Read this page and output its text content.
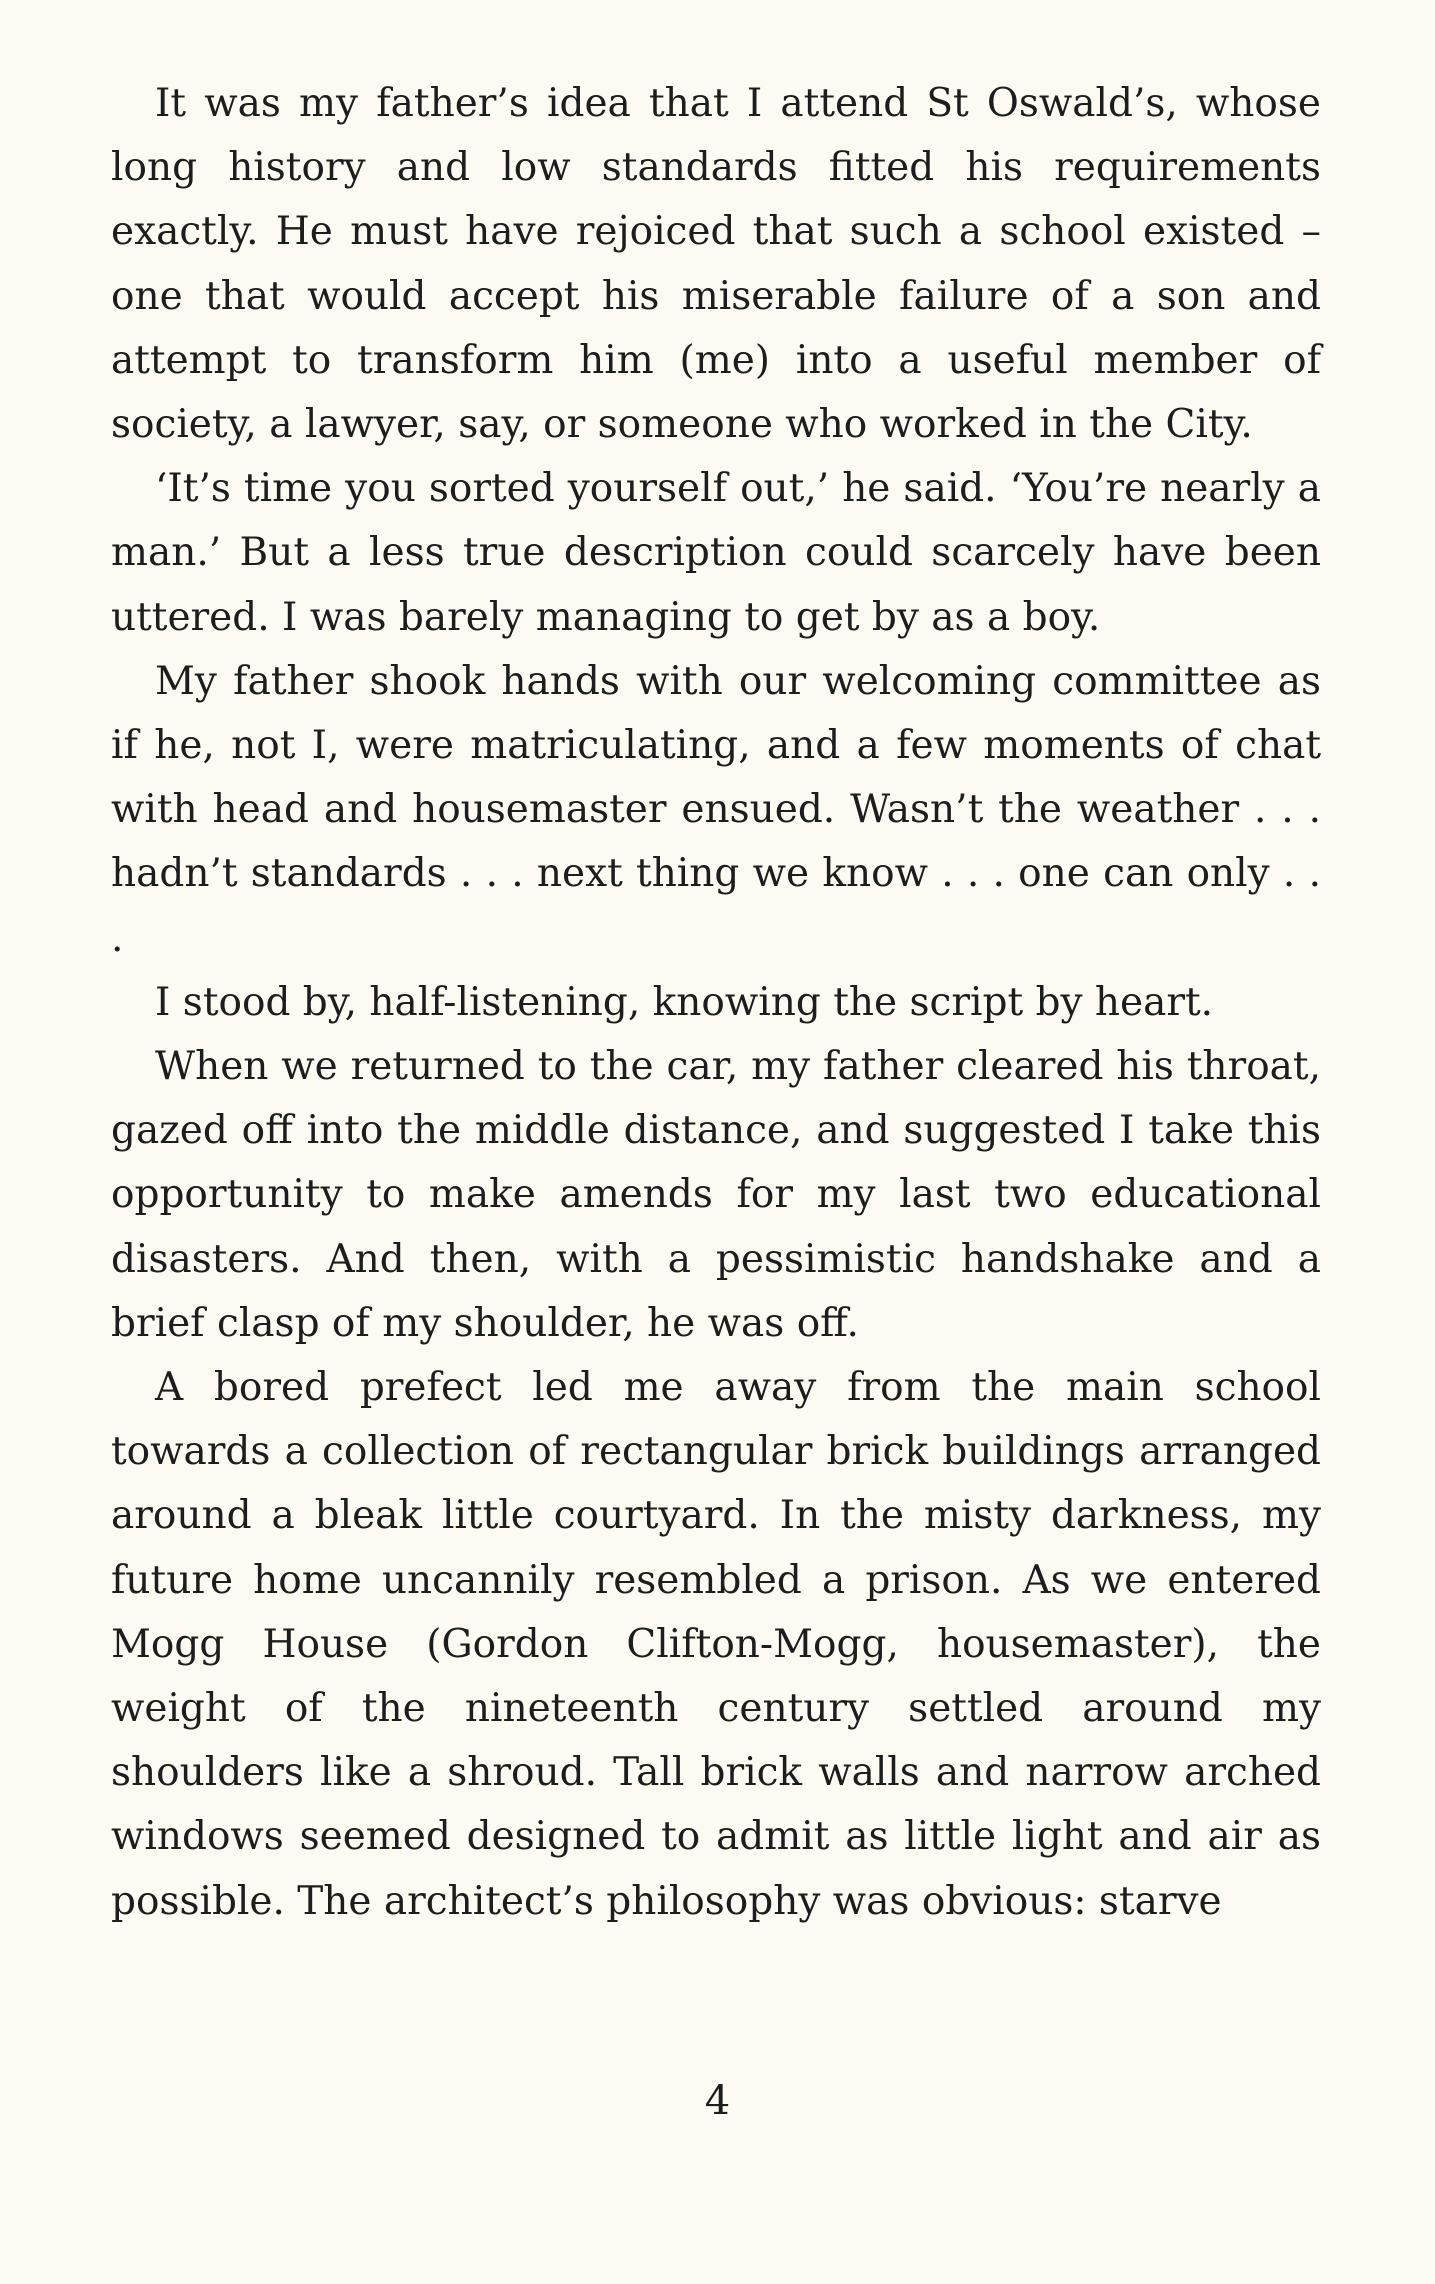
It was my father’s idea that I attend St Oswald’s, whose long history and low standards fitted his requirements exactly. He must have rejoiced that such a school existed – one that would accept his miserable failure of a son and attempt to transform him (me) into a useful member of society, a lawyer, say, or someone who worked in the City.

‘It’s time you sorted yourself out,’ he said. ‘You’re nearly a man.’ But a less true description could scarcely have been uttered. I was barely managing to get by as a boy.

My father shook hands with our welcoming committee as if he, not I, were matriculating, and a few moments of chat with head and housemaster ensued. Wasn’t the weather . . . hadn’t standards . . . next thing we know . . . one can only . . .

I stood by, half-listening, knowing the script by heart.

When we returned to the car, my father cleared his throat, gazed off into the middle distance, and suggested I take this opportunity to make amends for my last two educational disasters. And then, with a pessimistic handshake and a brief clasp of my shoulder, he was off.

A bored prefect led me away from the main school towards a collection of rectangular brick buildings arranged around a bleak little courtyard. In the misty darkness, my future home uncannily resembled a prison. As we entered Mogg House (Gordon Clifton-Mogg, housemaster), the weight of the nineteenth century settled around my shoulders like a shroud. Tall brick walls and narrow arched windows seemed designed to admit as little light and air as possible. The architect’s philosophy was obvious: starve

4
